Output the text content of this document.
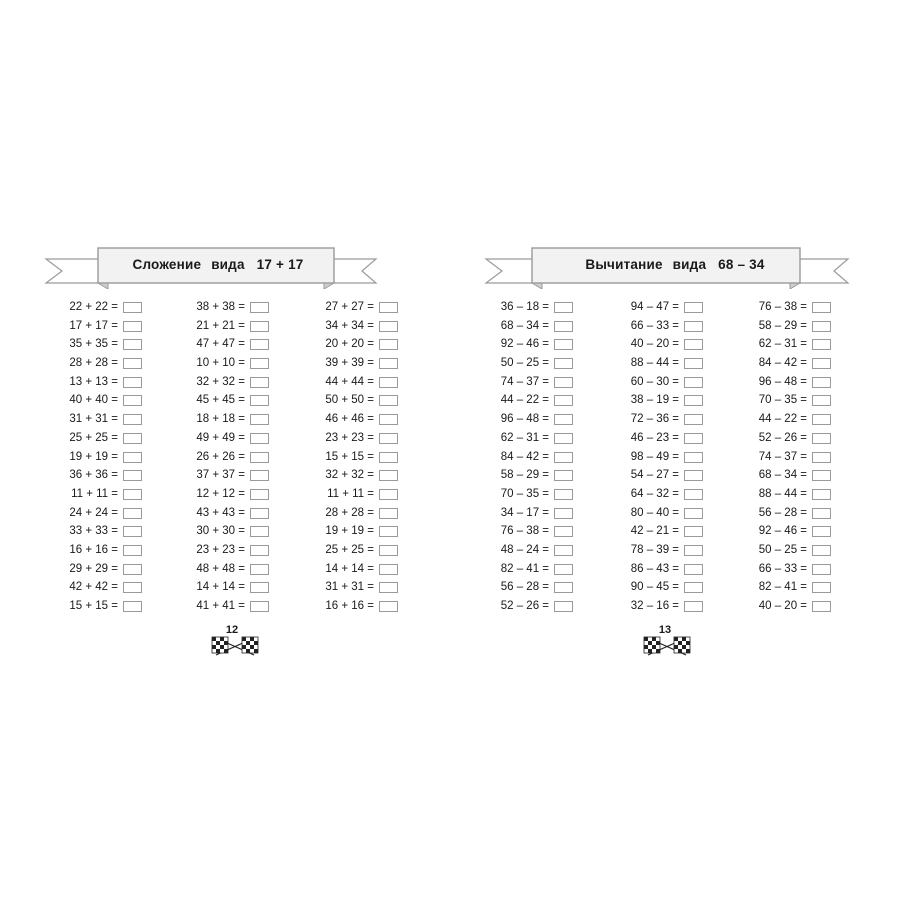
Сложение вида 17 + 17
22 + 22 =
17 + 17 =
35 + 35 =
28 + 28 =
13 + 13 =
40 + 40 =
31 + 31 =
25 + 25 =
19 + 19 =
36 + 36 =
11 + 11 =
24 + 24 =
33 + 33 =
16 + 16 =
29 + 29 =
42 + 42 =
15 + 15 =
38 + 38 =
21 + 21 =
47 + 47 =
10 + 10 =
32 + 32 =
45 + 45 =
18 + 18 =
49 + 49 =
26 + 26 =
37 + 37 =
12 + 12 =
43 + 43 =
30 + 30 =
23 + 23 =
48 + 48 =
14 + 14 =
41 + 41 =
27 + 27 =
34 + 34 =
20 + 20 =
39 + 39 =
44 + 44 =
50 + 50 =
46 + 46 =
23 + 23 =
15 + 15 =
32 + 32 =
11 + 11 =
28 + 28 =
19 + 19 =
25 + 25 =
14 + 14 =
31 + 31 =
16 + 16 =
12
Вычитание вида 68 – 34
36 – 18 =
68 – 34 =
92 – 46 =
50 – 25 =
74 – 37 =
44 – 22 =
96 – 48 =
62 – 31 =
84 – 42 =
58 – 29 =
70 – 35 =
34 – 17 =
76 – 38 =
48 – 24 =
82 – 41 =
56 – 28 =
52 – 26 =
94 – 47 =
66 – 33 =
40 – 20 =
88 – 44 =
60 – 30 =
38 – 19 =
72 – 36 =
46 – 23 =
98 – 49 =
54 – 27 =
64 – 32 =
80 – 40 =
42 – 21 =
78 – 39 =
86 – 43 =
90 – 45 =
32 – 16 =
76 – 38 =
58 – 29 =
62 – 31 =
84 – 42 =
96 – 48 =
70 – 35 =
44 – 22 =
52 – 26 =
74 – 37 =
68 – 34 =
88 – 44 =
56 – 28 =
92 – 46 =
50 – 25 =
66 – 33 =
82 – 41 =
40 – 20 =
13
